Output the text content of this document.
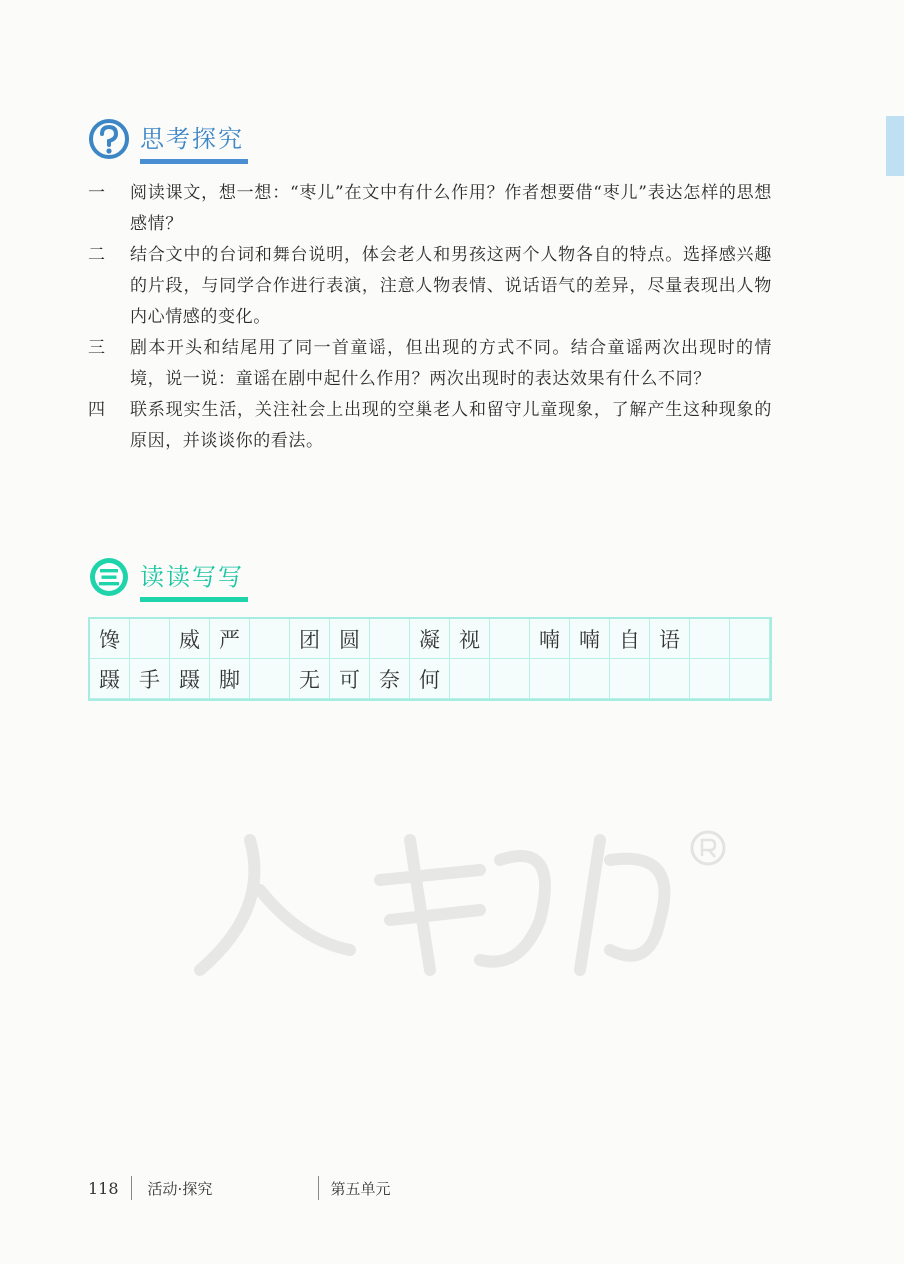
思考探究
一	阅读课文，想一想：“枣儿”在文中有什么作用？作者想要借“枣儿”表达怎样的思想感情？
二	结合文中的台词和舞台说明，体会老人和男孩这两个人物各自的特点。选择感兴趣的片段，与同学合作进行表演，注意人物表情、说话语气的差异，尽量表现出人物内心情感的变化。
三	剧本开头和结尾用了同一首童谣，但出现的方式不同。结合童谣两次出现时的情境，说一说：童谣在剧中起什么作用？两次出现时的表达效果有什么不同？
四	联系现实生活，关注社会上出现的空巢老人和留守儿童现象，了解产生这种现象的原因，并谈谈你的看法。
读读写写
馋	威 严	团 圆	凝 视	喃 喃 自 语
蹑 手 蹑 脚	无 可 奈 何
118 活动·探究	第五单元
